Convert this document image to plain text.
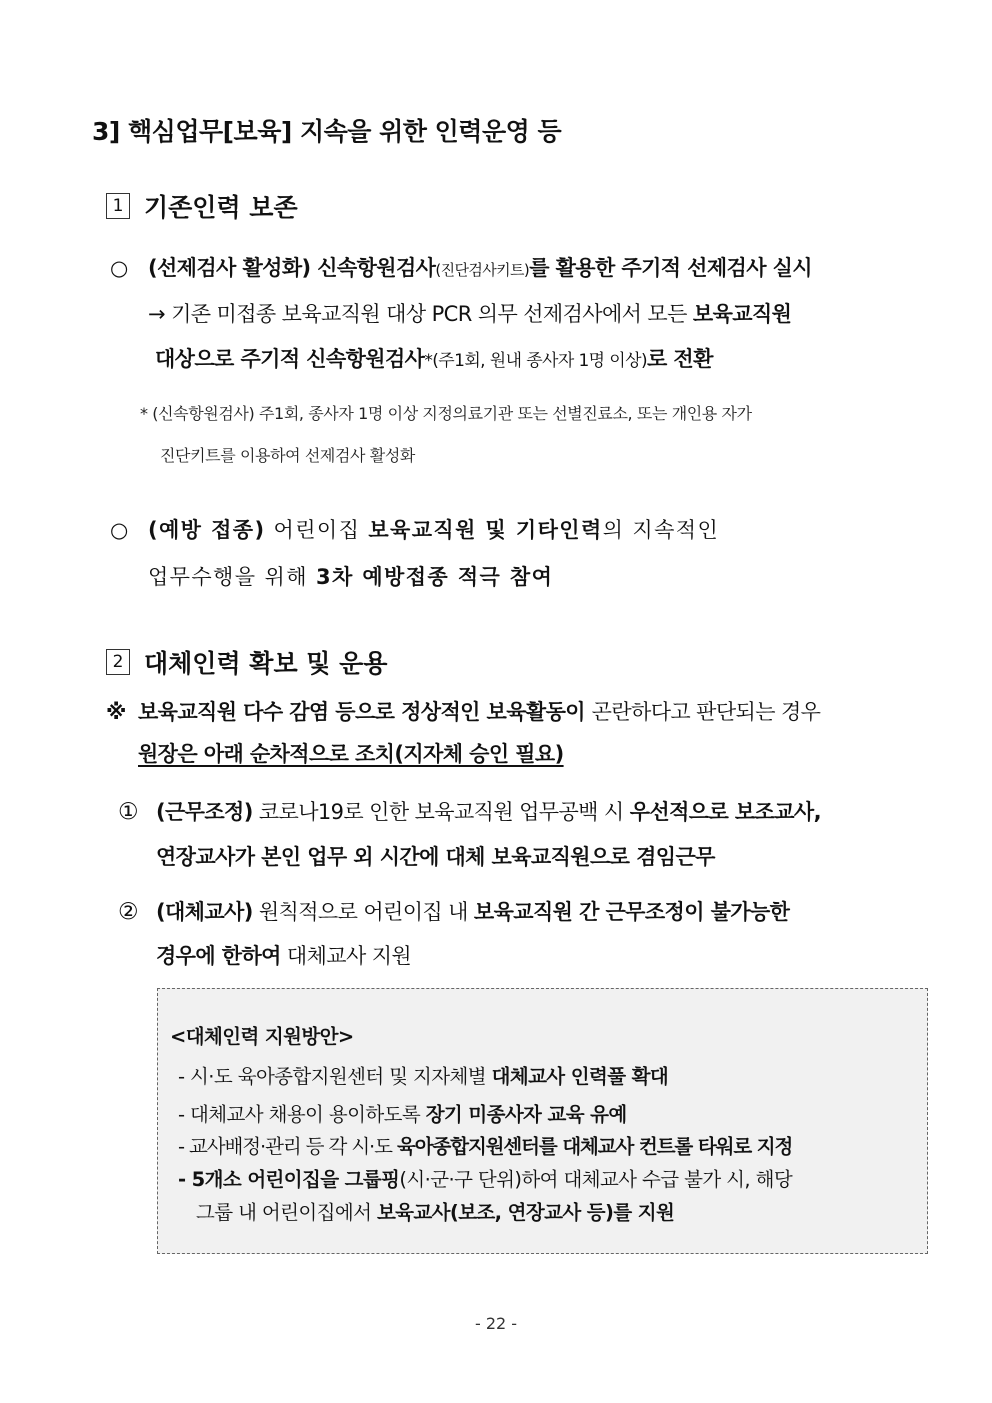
3] 핵심업무[보육] 지속을 위한 인력운영 등
1 기존인력 보존
○ (선제검사 활성화) 신속항원검사(진단검사키트)를 활용한 주기적 선제검사 실시
→ 기존 미접종 보육교직원 대상 PCR 의무 선제검사에서 모든 보육교직원
대상으로 주기적 신속항원검사*(주1회, 원내 종사자 1명 이상)로 전환
* (신속항원검사) 주1회, 종사자 1명 이상 지정의료기관 또는 선별진료소, 또는 개인용 자가
진단키트를 이용하여 선제검사 활성화
○ (예방 접종) 어린이집 보육교직원 및 기타인력의 지속적인
업무수행을 위해 3차 예방접종 적극 참여
2 대체인력 확보 및 운용
※ 보육교직원 다수 감염 등으로 정상적인 보육활동이 곤란하다고 판단되는 경우
원장은 아래 순차적으로 조치(지자체 승인 필요)
① (근무조정) 코로나19로 인한 보육교직원 업무공백 시 우선적으로 보조교사,
연장교사가 본인 업무 외 시간에 대체 보육교직원으로 겸임근무
② (대체교사) 원칙적으로 어린이집 내 보육교직원 간 근무조정이 불가능한
경우에 한하여 대체교사 지원
<대체인력 지원방안>
- 시·도 육아종합지원센터 및 지자체별 대체교사 인력풀 확대
- 대체교사 채용이 용이하도록 장기 미종사자 교육 유예
- 교사배정·관리 등 각 시·도 육아종합지원센터를 대체교사 컨트롤 타워로 지정
- 5개소 어린이집을 그룹핑(시·군·구 단위)하여 대체교사 수급 불가 시, 해당
그룹 내 어린이집에서 보육교사(보조, 연장교사 등)를 지원
- 22 -
